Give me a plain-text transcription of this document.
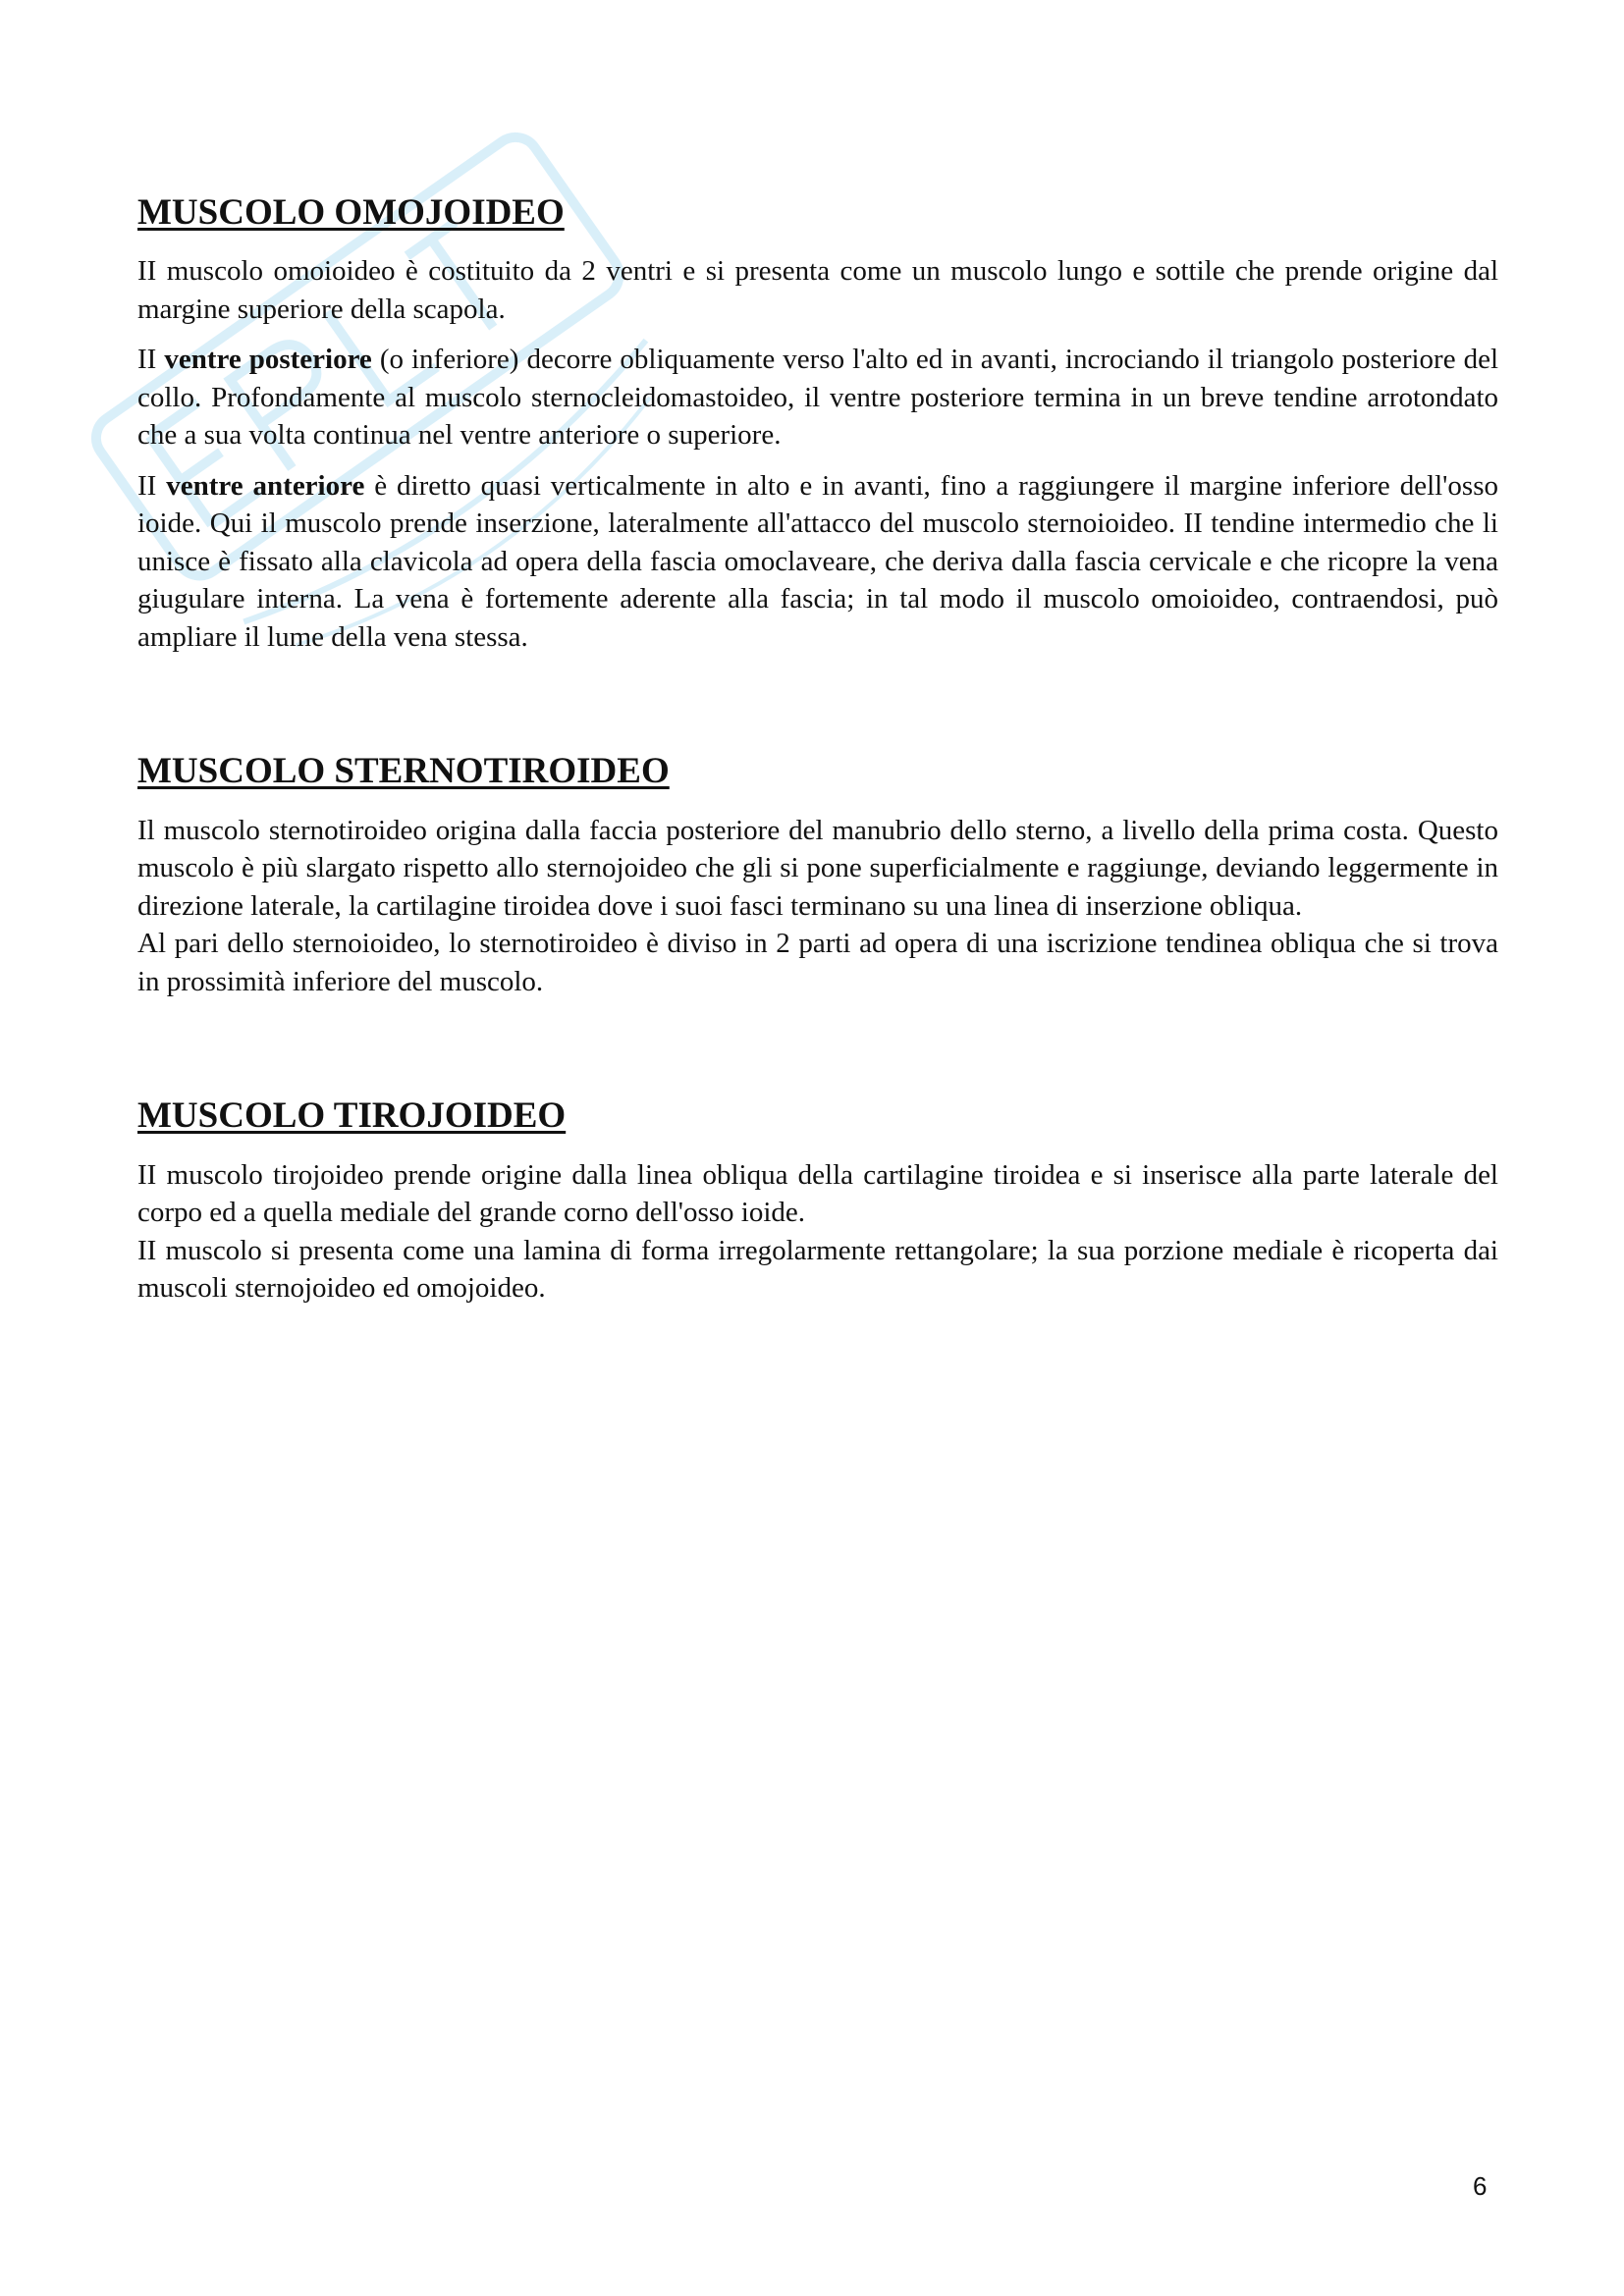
MUSCOLO OMOJOIDEO

II muscolo omoioideo è costituito da 2 ventri e si presenta come un muscolo lungo e sottile che prende origine dal margine superiore della scapola.

II ventre posteriore (o inferiore) decorre obliquamente verso l'alto ed in avanti, incrociando il triangolo posteriore del collo. Profondamente al muscolo sternocleidomastoideo, il ventre posteriore termina in un breve tendine arrotondato che a sua volta continua nel ventre anteriore o superiore.

II ventre anteriore è diretto quasi verticalmente in alto e in avanti, fino a raggiungere il margine inferiore dell'osso ioide. Qui il muscolo prende inserzione, lateralmente all'attacco del muscolo sternoioideo. II tendine intermedio che li unisce è fissato alla clavicola ad opera della fascia omoclaveare, che deriva dalla fascia cervicale e che ricopre la vena giugulare interna. La vena è fortemente aderente alla fascia; in tal modo il muscolo omoioideo, contraendosi, può ampliare il lume della vena stessa.

MUSCOLO STERNOTIROIDEO

Il muscolo sternotiroideo origina dalla faccia posteriore del manubrio dello sterno, a livello della prima costa. Questo muscolo è più slargato rispetto allo sternojoideo che gli si pone superficialmente e raggiunge, deviando leggermente in direzione laterale, la cartilagine tiroidea dove i suoi fasci terminano su una linea di inserzione obliqua.

Al pari dello sternoioideo, lo sternotiroideo è diviso in 2 parti ad opera di una iscrizione tendinea obliqua che si trova in prossimità inferiore del muscolo.

MUSCOLO TIROJOIDEO

II muscolo tirojoideo prende origine dalla linea obliqua della cartilagine tiroidea e si inserisce alla parte laterale del corpo ed a quella mediale del grande corno dell'osso ioide.

II muscolo si presenta come una lamina di forma irregolarmente rettangolare; la sua porzione mediale è ricoperta dai muscoli sternojoideo ed omojoideo.

6
